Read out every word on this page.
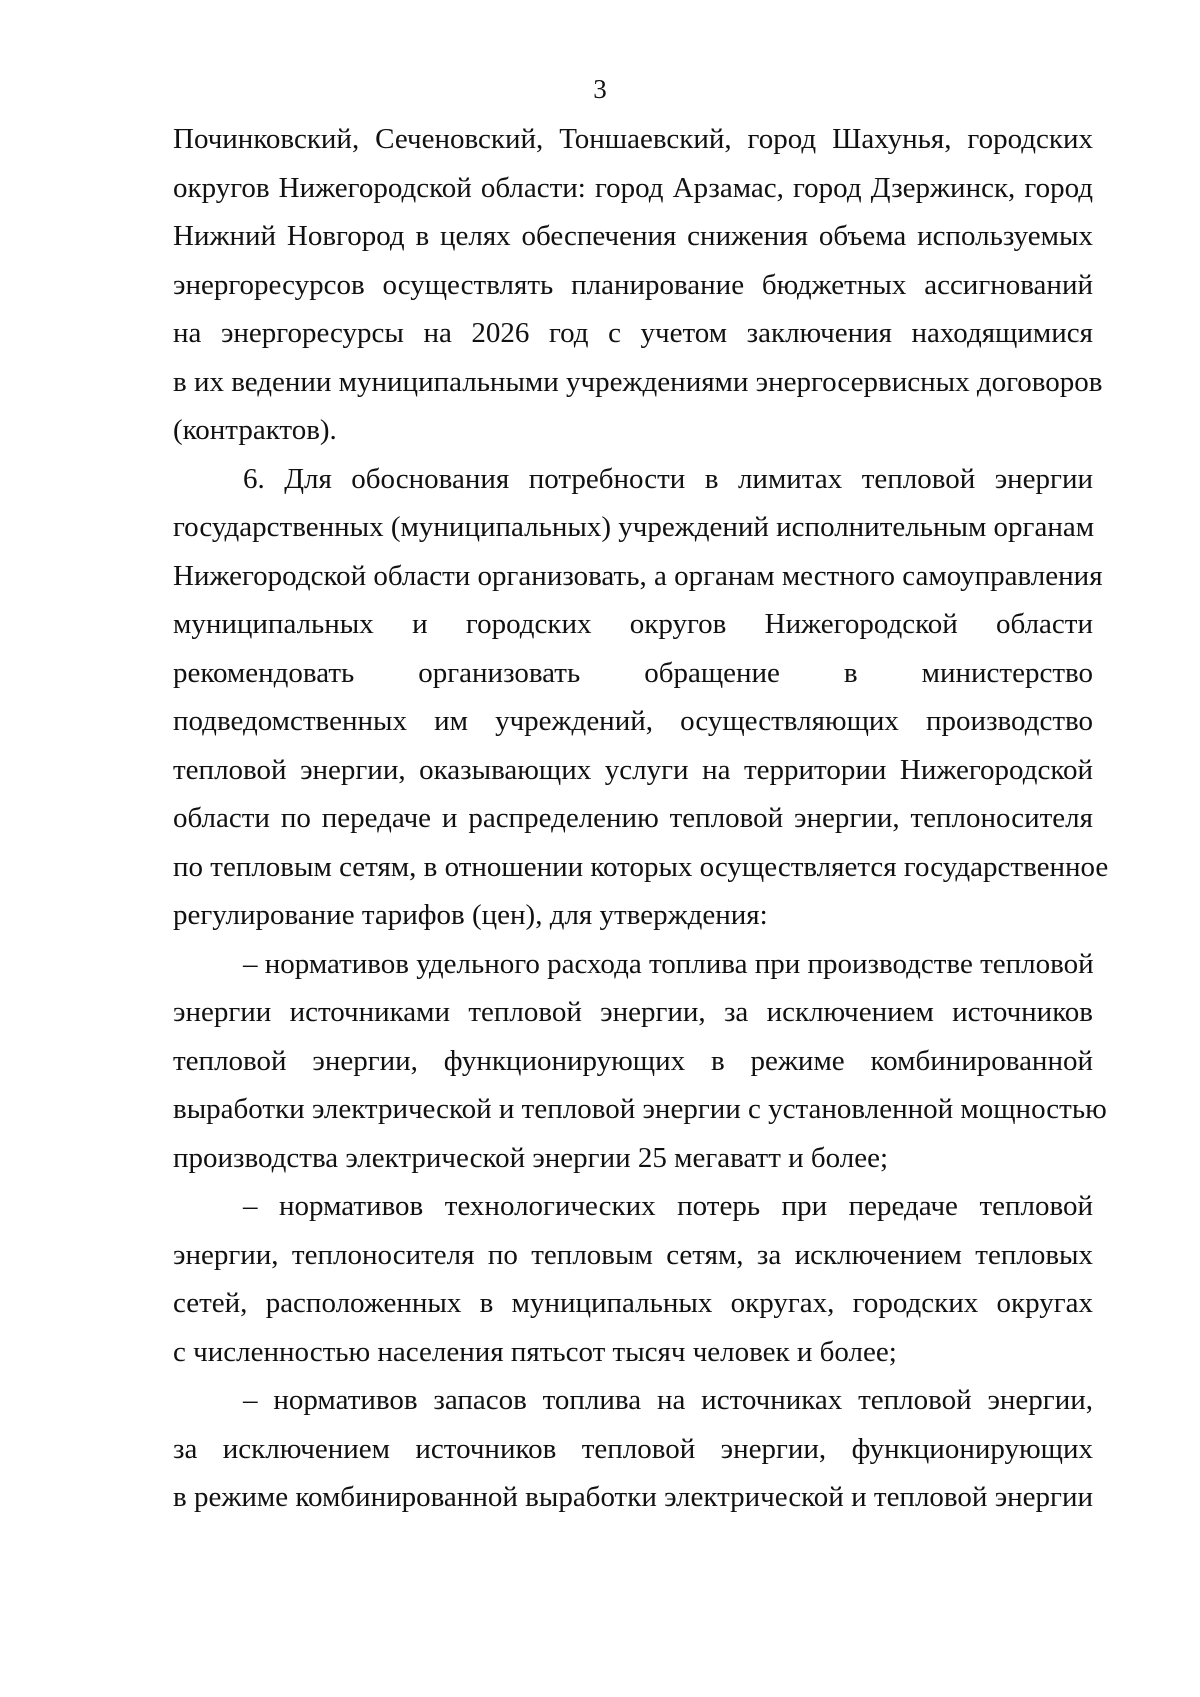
3
Починковский, Сеченовский, Тоншаевский, город Шахунья, городских
округов Нижегородской области: город Арзамас, город Дзержинск, город
Нижний Новгород в целях обеспечения снижения объема используемых
энергоресурсов осуществлять планирование бюджетных ассигнований
на энергоресурсы на 2026 год с учетом заключения находящимися
в их ведении муниципальными учреждениями энергосервисных договоров
(контрактов).
6. Для обоснования потребности в лимитах тепловой энергии
государственных (муниципальных) учреждений исполнительным органам
Нижегородской области организовать, а органам местного самоуправления
муниципальных и городских округов Нижегородской области
рекомендовать организовать обращение в министерство
подведомственных им учреждений, осуществляющих производство
тепловой энергии, оказывающих услуги на территории Нижегородской
области по передаче и распределению тепловой энергии, теплоносителя
по тепловым сетям, в отношении которых осуществляется государственное
регулирование тарифов (цен), для утверждения:
– нормативов удельного расхода топлива при производстве тепловой
энергии источниками тепловой энергии, за исключением источников
тепловой энергии, функционирующих в режиме комбинированной
выработки электрической и тепловой энергии с установленной мощностью
производства электрической энергии 25 мегаватт и более;
– нормативов технологических потерь при передаче тепловой
энергии, теплоносителя по тепловым сетям, за исключением тепловых
сетей, расположенных в муниципальных округах, городских округах
с численностью населения пятьсот тысяч человек и более;
– нормативов запасов топлива на источниках тепловой энергии,
за исключением источников тепловой энергии, функционирующих
в режиме комбинированной выработки электрической и тепловой энергии
